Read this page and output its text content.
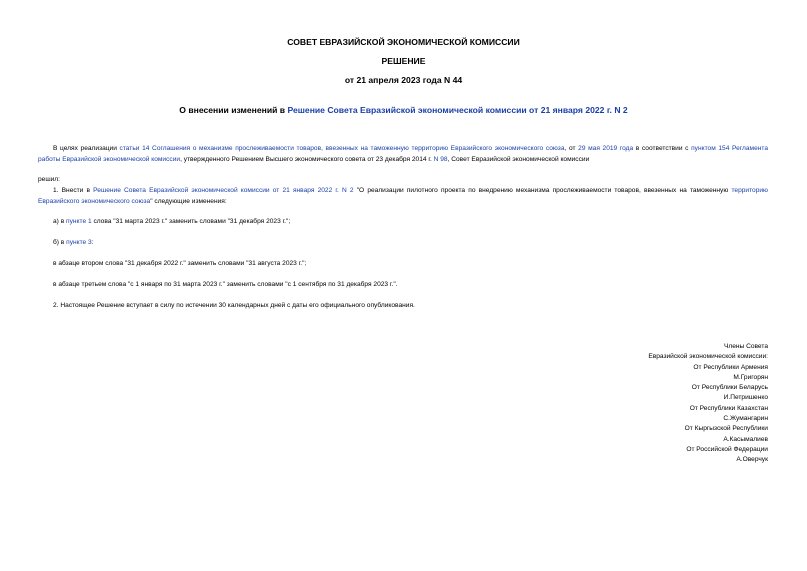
СОВЕТ ЕВРАЗИЙСКОЙ ЭКОНОМИЧЕСКОЙ КОМИССИИ
РЕШЕНИЕ
от 21 апреля 2023 года N 44
О внесении изменений в Решение Совета Евразийской экономической комиссии от 21 января 2022 г. N 2
В целях реализации статьи 14 Соглашения о механизме прослеживаемости товаров, ввезенных на таможенную территорию Евразийского экономического союза, от 29 мая 2019 года в соответствии с пунктом 154 Регламента работы Евразийской экономической комиссии, утвержденного Решением Высшего экономического совета от 23 декабря 2014 г. N 98, Совет Евразийской экономической комиссии
решил:
1. Внести в Решение Совета Евразийской экономической комиссии от 21 января 2022 г. N 2 "О реализации пилотного проекта по внедрению механизма прослеживаемости товаров, ввезенных на таможенную территорию Евразийского экономического союза" следующие изменения:
а) в пункте 1 слова "31 марта 2023 г." заменить словами "31 декабря 2023 г.";
б) в пункте 3:
в абзаце втором слова "31 декабря 2022 г." заменить словами "31 августа 2023 г.";
в абзаце третьем слова "с 1 января по 31 марта 2023 г." заменить словами "с 1 сентября по 31 декабря 2023 г.".
2. Настоящее Решение вступает в силу по истечении 30 календарных дней с даты его официального опубликования.
Члены Совета
Евразийской экономической комиссии:
От Республики Армения
М.Григорян
От Республики Беларусь
И.Петришенко
От Республики Казахстан
С.Жумангарин
От Кыргызской Республики
А.Касымалиев
От Российской Федерации
А.Оверчук
